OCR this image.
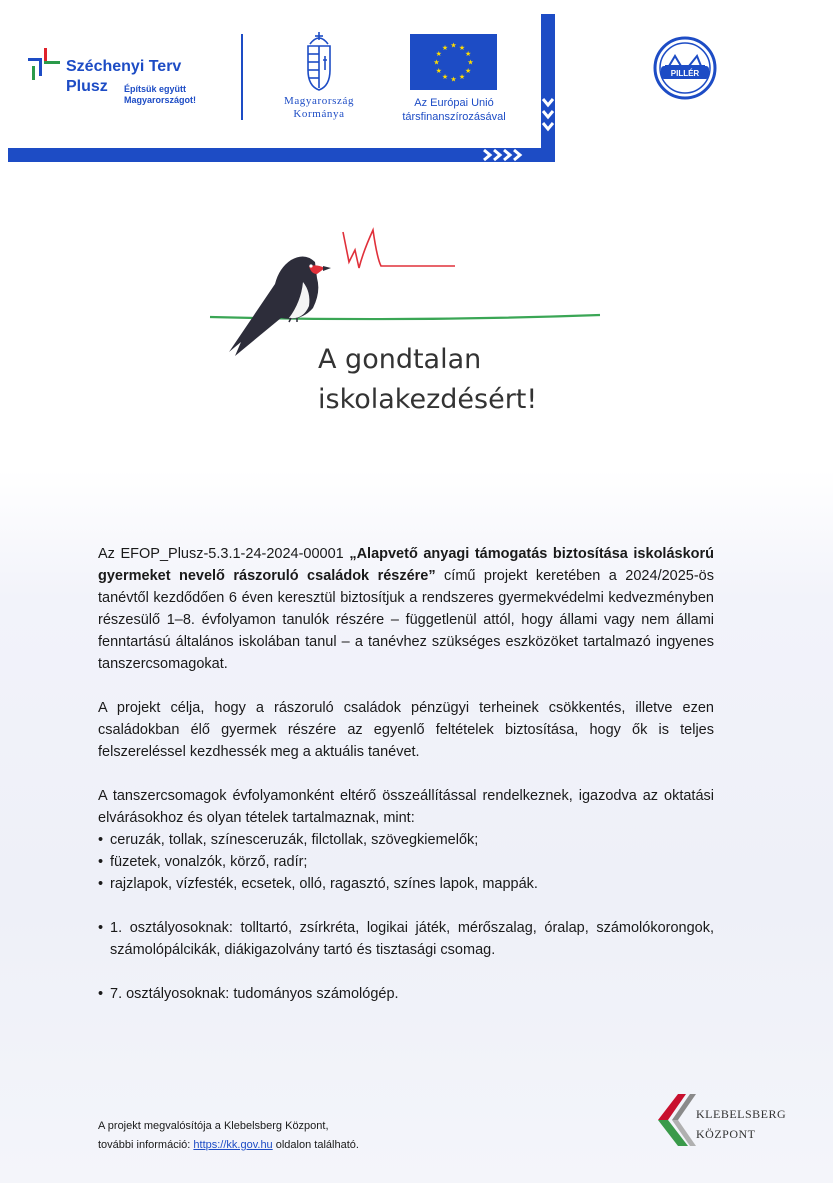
Széchenyi Terv
Plusz Építsük együtt
Magyarországot!	Magyarország
Kormánya
★ ★
★
★
★
★
★
★
★
★
★
★
Az Európai Unió
társfinanszírozásával
PILLÉR
A gondtalan
iskolakezdésért!

Az EFOP_Plusz-5.3.1-24-2024-00001 „Alapvető anyagi támogatás biztosítása iskoláskorú gyermeket nevelő rászoruló családok részére” című projekt keretében a 2024/2025-ös tanévtől kezdődően 6 éven keresztül biztosítjuk a rendszeres gyermekvédelmi kedvezményben részesülő 1–8. évfolyamon tanulók részére – függetlenül attól, hogy állami vagy nem állami fenntartású általános iskolában tanul – a tanévhez szükséges eszközöket tartalmazó ingyenes tanszercsomagokat.

A projekt célja, hogy a rászoruló családok pénzügyi terheinek csökkentés, illetve ezen családokban élő gyermek részére az egyenlő feltételek biztosítása, hogy ők is teljes felszereléssel kezdhessék meg a aktuális tanévet.

A tanszercsomagok évfolyamonként eltérő összeállítással rendelkeznek, igazodva az oktatási elvárásokhoz és olyan tételek tartalmaznak, mint:

• ceruzák, tollak, színesceruzák, filctollak, szövegkiemelők;
• füzetek, vonalzók, körző, radír;
• rajzlapok, vízfesték, ecsetek, olló, ragasztó, színes lapok, mappák.
• 1. osztályosoknak: tolltartó, zsírkréta, logikai játék, mérőszalag, óralap, számolókorongok, számolópálcikák, diákigazolvány tartó és tisztasági csomag.
• 7. osztályosoknak: tudományos számológép.
A projekt megvalósítója a Klebelsberg Központ,
további információ: https://kk.gov.hu oldalon található.
KLEBELSBERG
KÖZPONT
